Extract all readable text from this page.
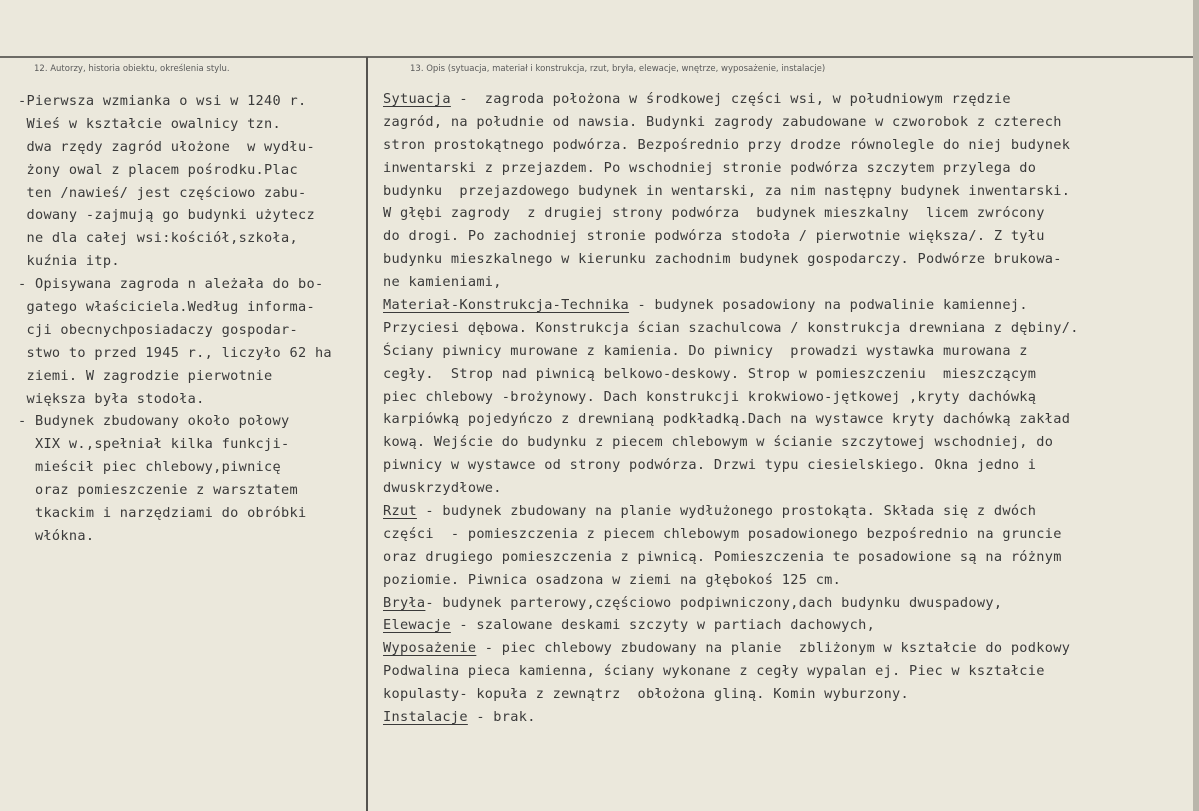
12. Autorzy, historia obiektu, określenia stylu.	13. Opis (sytuacja, materiał i konstrukcja, rzut, bryła, elewacje, wnętrze, wyposażenie, instalacje)
-Pierwsza wzmianka o wsi w 1240 r.
Wieś w kształcie owalnicy tzn.
dwa rzędy zagród ułożone  w wydłu-
żony owal z placem pośrodku.Plac
ten /nawieś/ jest częściowo zabu-
dowany -zajmują go budynki użytecz
ne dla całej wsi:kościół,szkoła,
kuźnia itp.
- Opisywana zagroda n ależała do bo-
gatego właściciela.Według informa-
cji obecnychposiadaczy gospodar-
stwo to przed 1945 r., liczyło 62 ha
ziemi. W zagrodzie pierwotnie
większa była stodoła.
- Budynek zbudowany około połowy
XIX w.,spełniał kilka funkcji-
mieścił piec chlebowy,piwnicę
oraz pomieszczenie z warsztatem
tkackim i narzędziami do obróbki
włókna.
Sytuacja -  zagroda położona w środkowej części wsi, w południowym rzędzie
zagród, na południe od nawsia. Budynki zagrody zabudowane w czworobok z czterech
stron prostokątnego podwórza. Bezpośrednio przy drodze równolegle do niej budynek
inwentarski z przejazdem. Po wschodniej stronie podwórza szczytem przylega do
budynku  przejazdowego budynek in wentarski, za nim następny budynek inwentarski.
W głębi zagrody  z drugiej strony podwórza  budynek mieszkalny  licem zwrócony
do drogi. Po zachodniej stronie podwórza stodoła / pierwotnie większa/. Z tyłu
budynku mieszkalnego w kierunku zachodnim budynek gospodarczy. Podwórze brukowa-
ne kamieniami,
Materiał-Konstrukcja-Technika - budynek posadowiony na podwalinie kamiennej.
Przyciesi dębowa. Konstrukcja ścian szachulcowa / konstrukcja drewniana z dębiny/.
Ściany piwnicy murowane z kamienia. Do piwnicy  prowadzi wystawka murowana z
cegły.  Strop nad piwnicą belkowo-deskowy. Strop w pomieszczeniu  mieszczącym
piec chlebowy -brożynowy. Dach konstrukcji krokwiowo-jętkowej ,kryty dachówką
karpiówką pojedyńczo z drewnianą podkładką.Dach na wystawce kryty dachówką zakład
kową. Wejście do budynku z piecem chlebowym w ścianie szczytowej wschodniej, do
piwnicy w wystawce od strony podwórza. Drzwi typu ciesielskiego. Okna jedno i
dwuskrzydłowe.
Rzut - budynek zbudowany na planie wydłużonego prostokąta. Składa się z dwóch
części  - pomieszczenia z piecem chlebowym posadowionego bezpośrednio na gruncie
oraz drugiego pomieszczenia z piwnicą. Pomieszczenia te posadowione są na różnym
poziomie. Piwnica osadzona w ziemi na głębokoś 125 cm.
Bryła- budynek parterowy,częściowo podpiwniczony,dach budynku dwuspadowy,
Elewacje - szalowane deskami szczyty w partiach dachowych,
Wyposażenie - piec chlebowy zbudowany na planie  zbliżonym w kształcie do podkowy
Podwalina pieca kamienna, ściany wykonane z cegły wypalan ej. Piec w kształcie
kopulasty- kopuła z zewnątrz  obłożona gliną. Komin wyburzony.
Instalacje - brak.
